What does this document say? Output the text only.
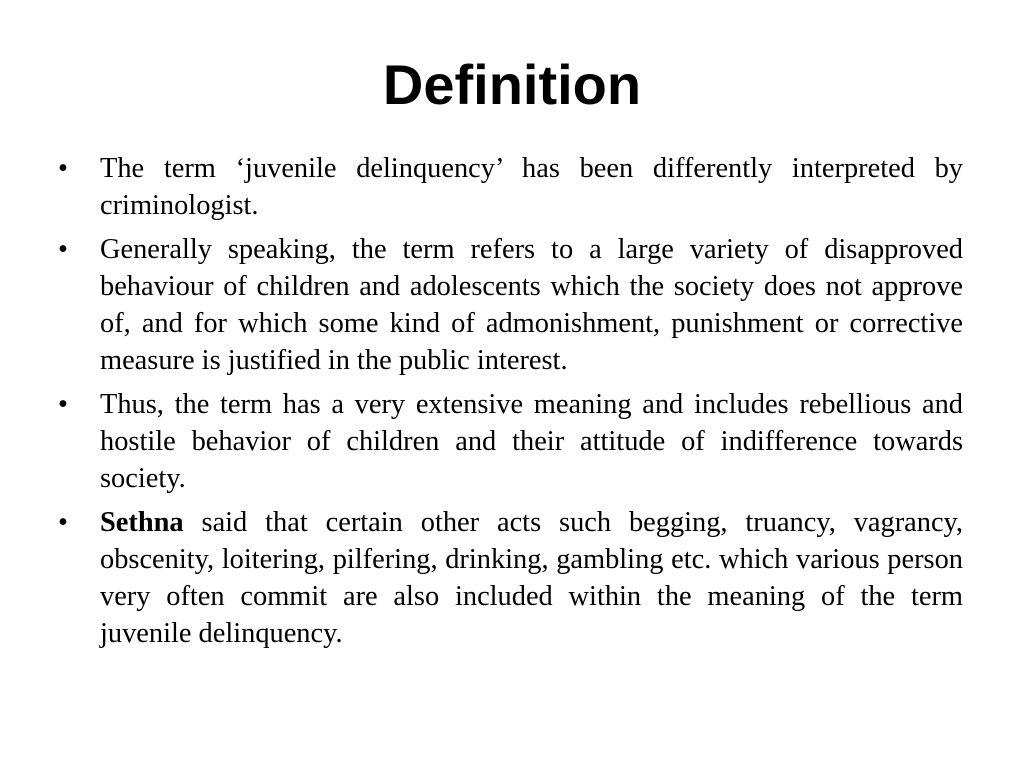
Definition
•	The term ‘juvenile delinquency’ has been differently interpreted by criminologist.
•	Generally speaking, the term refers to a large variety of disapproved behaviour of children and adolescents which the society does not approve of, and for which some kind of admonishment, punishment or corrective measure is justified in the public interest.
•	Thus, the term has a very extensive meaning and includes rebellious and hostile behavior of children and their attitude of indifference towards society.
•	Sethna said that certain other acts such begging, truancy, vagrancy, obscenity, loitering, pilfering, drinking, gambling etc. which various person very often commit are also included within the meaning of the term juvenile delinquency.
